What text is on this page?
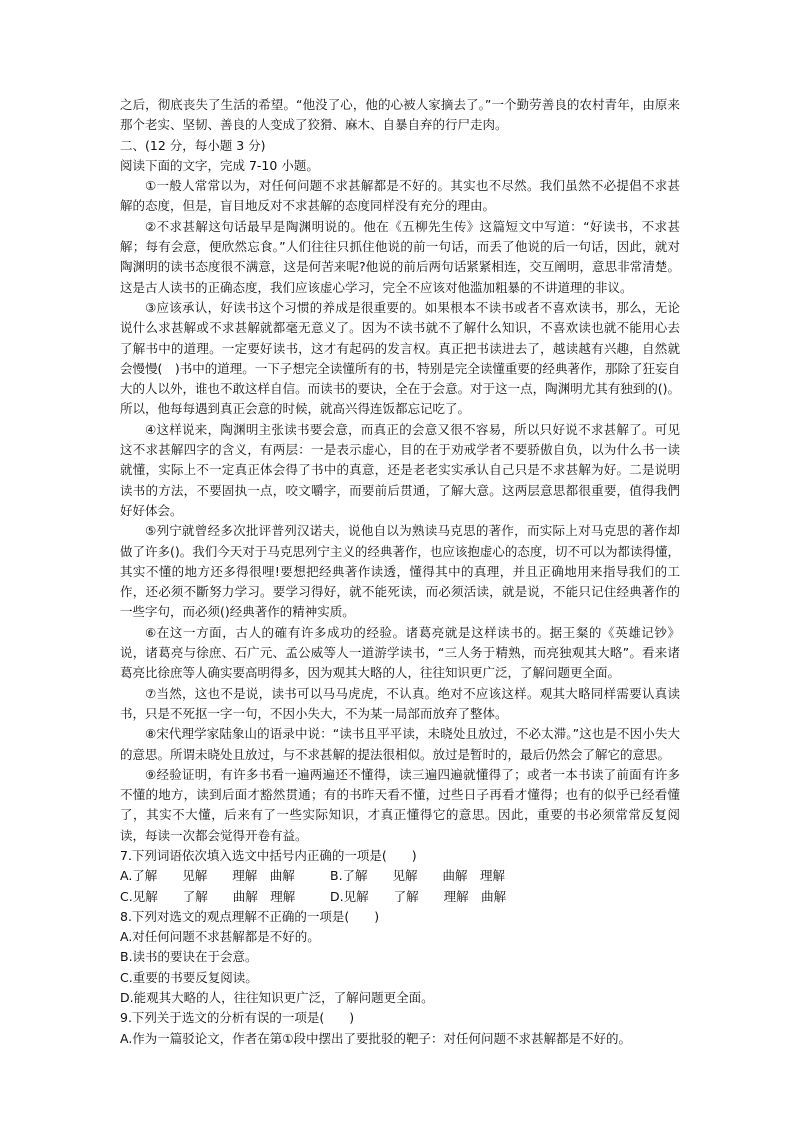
之后，彻底丧失了生活的希望。“他没了心，他的心被人家摘去了。”一个勤劳善良的农村青年，由原来那个老实、坚韧、善良的人变成了狡猾、麻木、自暴自弃的行尸走肉。

二、(12 分，每小题 3 分)

阅读下面的文字，完成 7-10 小题。

①一般人常常以为，对任何问题不求甚解都是不好的。其实也不尽然。我们虽然不必提倡不求甚解的态度，但是，盲目地反对不求甚解的态度同样没有充分的理由。

②不求甚解这句话最早是陶渊明说的。他在《五柳先生传》这篇短文中写道：“好读书，不求甚解；每有会意，便欣然忘食。”人们往往只抓住他说的前一句话，而丢了他说的后一句话，因此，就对陶渊明的读书态度很不满意，这是何苦来呢?他说的前后两句话紧紧相连，交互阐明，意思非常清楚。这是古人读书的正确态度，我们应该虚心学习，完全不应该对他滥加粗暴的不讲道理的非议。

③应该承认，好读书这个习惯的养成是很重要的。如果根本不读书或者不喜欢读书，那么，无论说什么求甚解或不求甚解就都毫无意义了。因为不读书就不了解什么知识，不喜欢读也就不能用心去了解书中的道理。一定要好读书，这才有起码的发言权。真正把书读进去了，越读越有兴趣，自然就会慢慢(　)书中的道理。一下子想完全读懂所有的书，特别是完全读懂重要的经典著作，那除了狂妄自大的人以外，谁也不敢这样自信。而读书的要诀，全在于会意。对于这一点，陶渊明尤其有独到的()。所以，他每每遇到真正会意的时候，就高兴得连饭都忘记吃了。

④这样说来，陶渊明主张读书要会意，而真正的会意又很不容易，所以只好说不求甚解了。可见这不求甚解四字的含义，有两层：一是表示虚心，目的在于劝戒学者不要骄傲自负，以为什么书一读就懂，实际上不一定真正体会得了书中的真意，还是老老实实承认自己只是不求甚解为好。二是说明读书的方法，不要固执一点，咬文嚼字，而要前后贯通，了解大意。这两层意思都很重要，值得我們好好体会。

⑤列宁就曾经多次批评普列汉诺夫，说他自以为熟读马克思的著作，而实际上对马克思的著作却做了许多()。我们今天对于马克思列宁主义的经典著作，也应该抱虚心的态度，切不可以为都读得懂，其实不懂的地方还多得很哩!要想把经典著作读透，懂得其中的真理，并且正确地用来指导我们的工作，还必须不斷努力学习。要学习得好，就不能死读，而必须活读，就是说，不能只记住经典著作的一些字句，而必须()经典著作的精神实质。

⑥在这一方面，古人的確有许多成功的经验。诸葛亮就是这样读书的。据王粲的《英雄记钞》说，诸葛亮与徐庶、石广元、孟公威等人一道游学读书，“三人务于精熟，而亮独观其大略”。看来诸葛亮比徐庶等人确实要高明得多，因为观其大略的人，往往知识更广泛，了解问题更全面。

⑦当然，这也不是说，读书可以马马虎虎，不认真。绝对不应该这样。观其大略同样需要认真读书，只是不死抠一字一句，不因小失大，不为某一局部而放弃了整体。

⑧宋代理学家陆象山的语录中说：“读书且平平读，未晓处且放过，不必太滞。”这也是不因小失大的意思。所谓未晓处且放过，与不求甚解的提法很相似。放过是暂时的，最后仍然会了解它的意思。

⑨经验证明，有许多书看一遍两遍还不懂得，读三遍四遍就懂得了；或者一本书读了前面有许多不懂的地方，读到后面才豁然贯通；有的书昨天看不懂，过些日子再看才懂得；也有的似乎已经看懂了，其实不大懂，后来有了一些实际知识，才真正懂得它的意思。因此，重要的书必须常常反复阅读，每读一次都会觉得开卷有益。

7.下列词语依次填入选文中括号内正确的一项是(　　)

A.了解　　见解　　理解　曲解	B.了解　　见解　　曲解　理解
C.见解　　了解　　曲解　理解	D.见解　　了解　　理解　曲解

8.下列对选文的观点理解不正确的一项是(　　)

A.对任何问题不求甚解都是不好的。

B.读书的要诀在于会意。

C.重要的书要反复阅读。

D.能观其大略的人，往往知识更广泛，了解问题更全面。

9.下列关于选文的分析有误的一项是(　　)

A.作为一篇驳论文，作者在第①段中摆出了要批驳的靶子：对任何问题不求甚解都是不好的。
